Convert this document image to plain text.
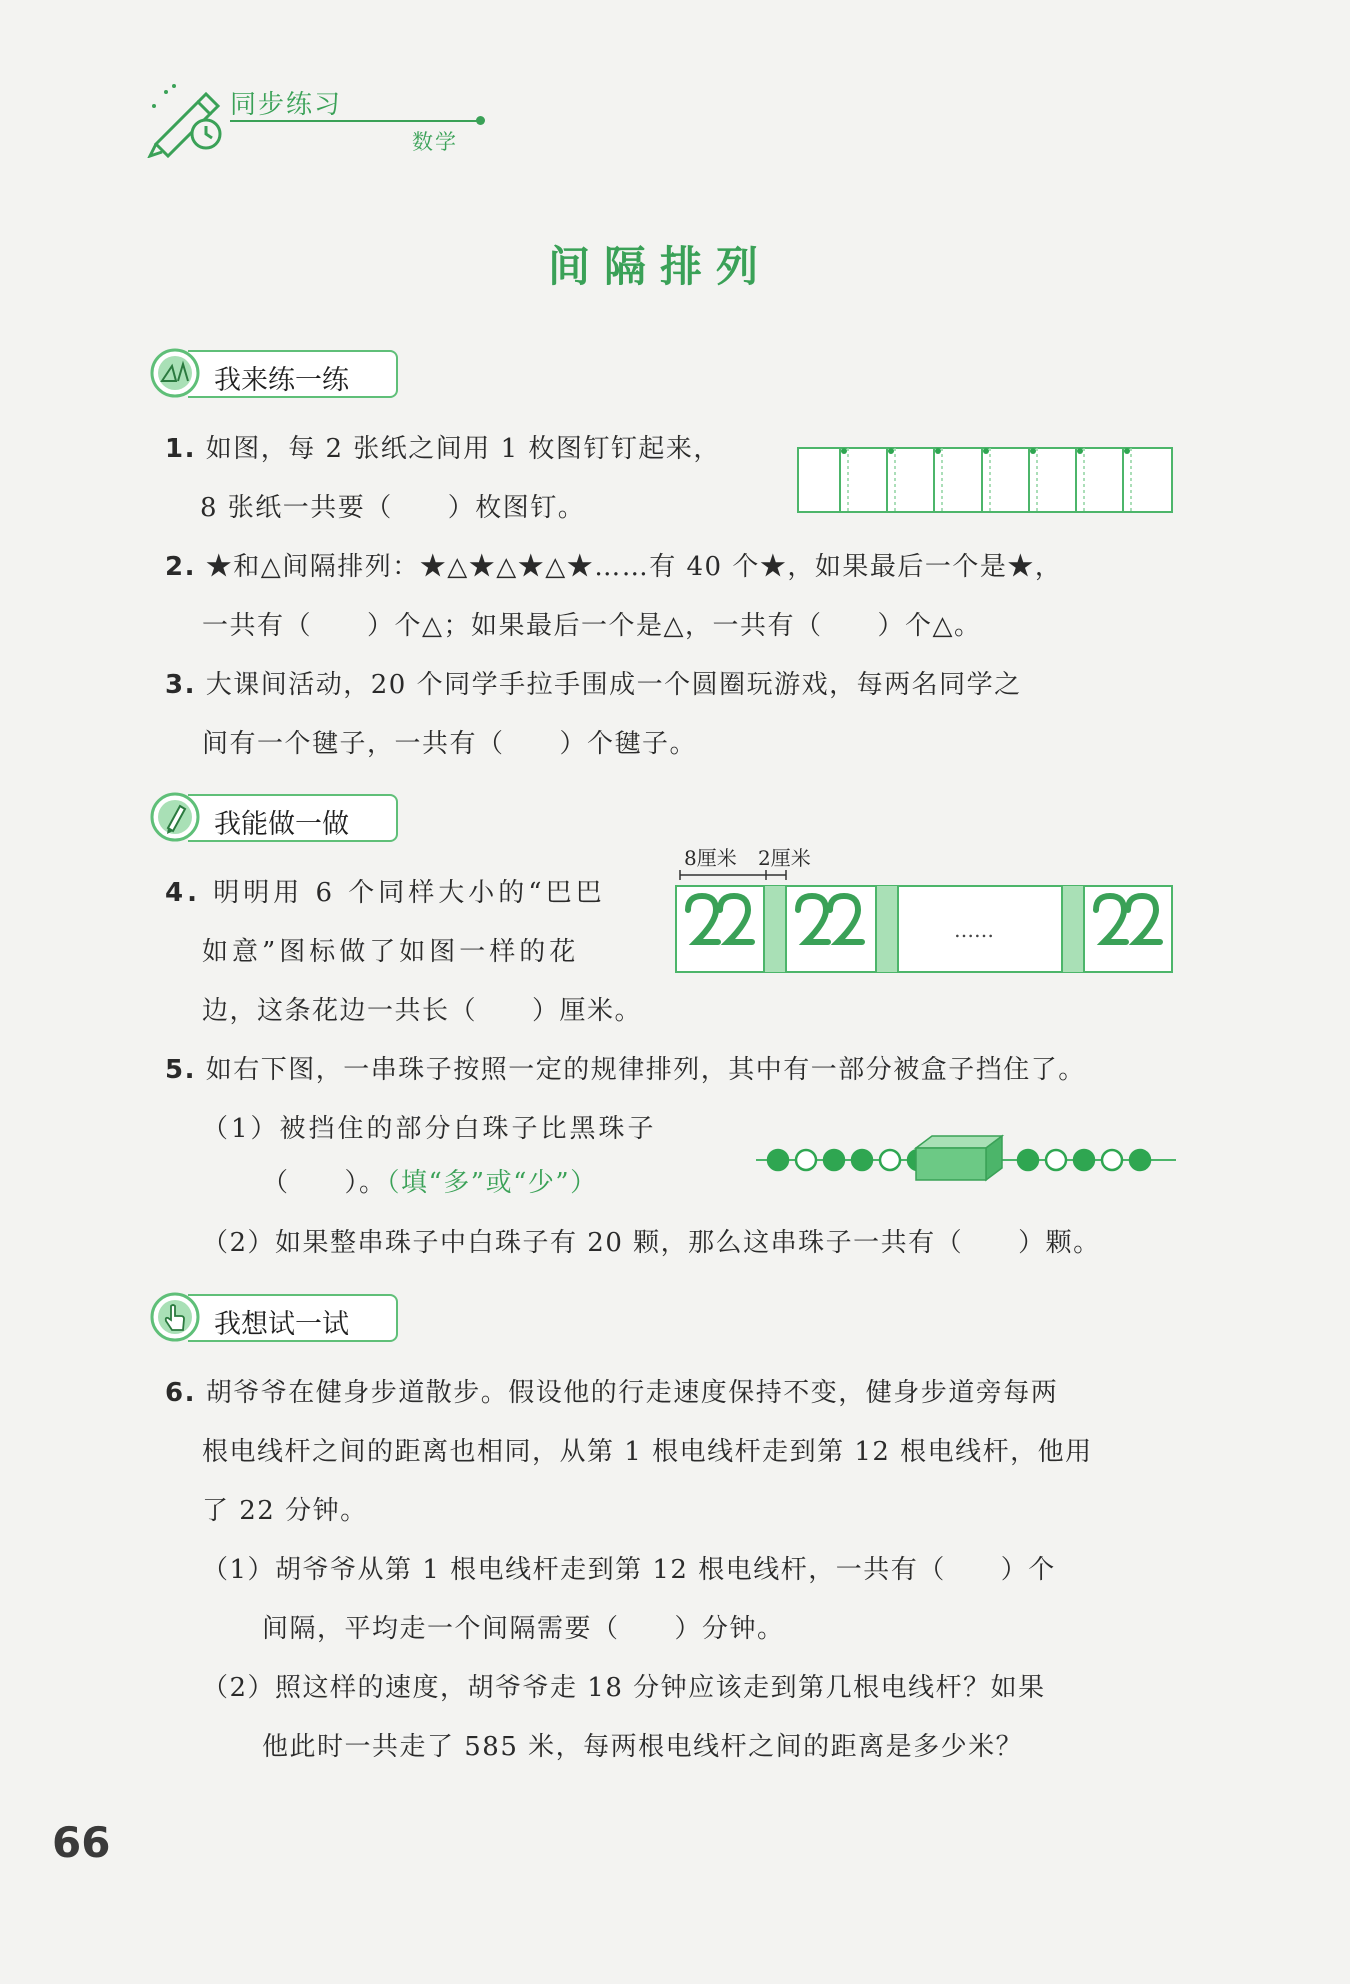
同步练习
数学
间隔排列
我来练一练
1. 如图，每 2 张纸之间用 1 枚图钉钉起来，
8 张纸一共要（　　）枚图钉。
2. ★和△间隔排列：★△★△★△★……有 40 个★，如果最后一个是★，
一共有（　　）个△；如果最后一个是△，一共有（　　）个△。
3. 大课间活动，20 个同学手拉手围成一个圆圈玩游戏，每两名同学之
间有一个毽子，一共有（　　）个毽子。
我能做一做
4. 明明用 6 个同样大小的“巴巴
如意”图标做了如图一样的花
边，这条花边一共长（　　）厘米。
8厘米 2厘米
……
5. 如右下图，一串珠子按照一定的规律排列，其中有一部分被盒子挡住了。
（1）被挡住的部分白珠子比黑珠子
（　　）。（填“多”或“少”）
（2）如果整串珠子中白珠子有 20 颗，那么这串珠子一共有（　　）颗。
我想试一试
6. 胡爷爷在健身步道散步。假设他的行走速度保持不变，健身步道旁每两
根电线杆之间的距离也相同，从第 1 根电线杆走到第 12 根电线杆，他用
了 22 分钟。
（1）胡爷爷从第 1 根电线杆走到第 12 根电线杆，一共有（　　）个
间隔，平均走一个间隔需要（　　）分钟。
（2）照这样的速度，胡爷爷走 18 分钟应该走到第几根电线杆？如果
他此时一共走了 585 米，每两根电线杆之间的距离是多少米？
66
